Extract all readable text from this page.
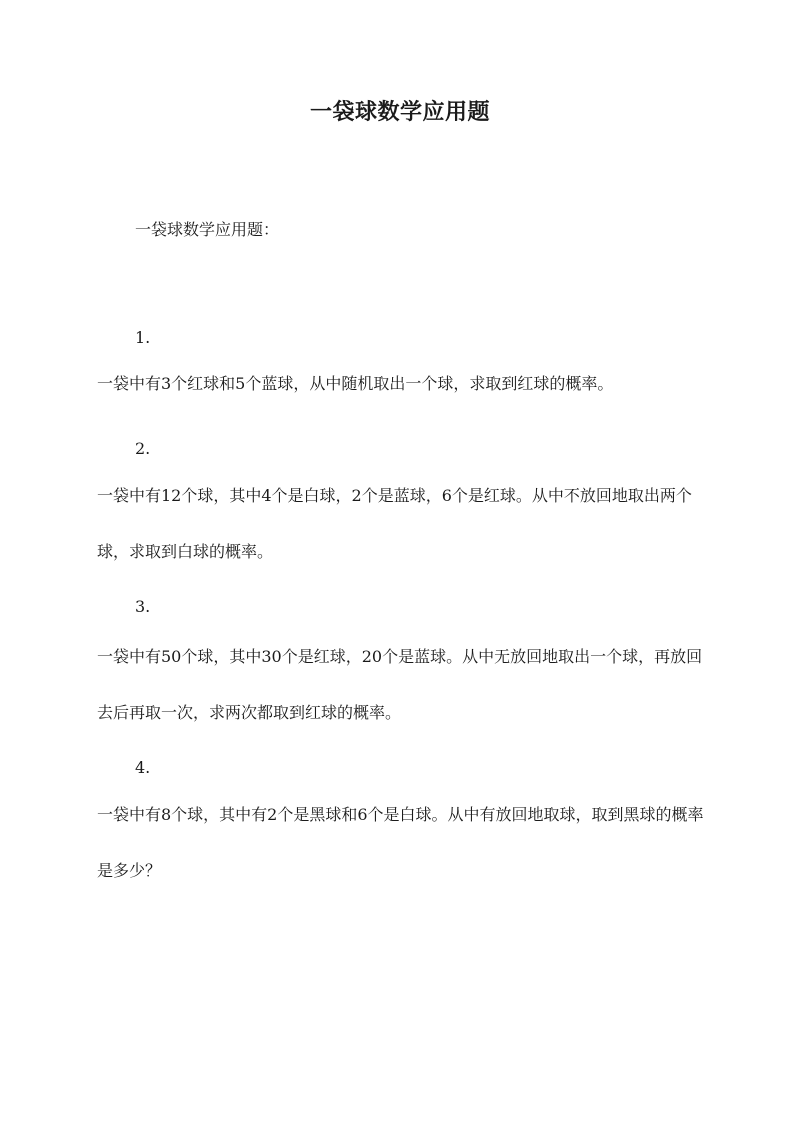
一袋球数学应用题
一袋球数学应用题：
1.
一袋中有3个红球和5个蓝球，从中随机取出一个球，求取到红球的概率。
2.
一袋中有12个球，其中4个是白球，2个是蓝球，6个是红球。从中不放回地取出两个球，求取到白球的概率。
3.
一袋中有50个球，其中30个是红球，20个是蓝球。从中无放回地取出一个球，再放回去后再取一次，求两次都取到红球的概率。
4.
一袋中有8个球，其中有2个是黑球和6个是白球。从中有放回地取球，取到黑球的概率是多少？
